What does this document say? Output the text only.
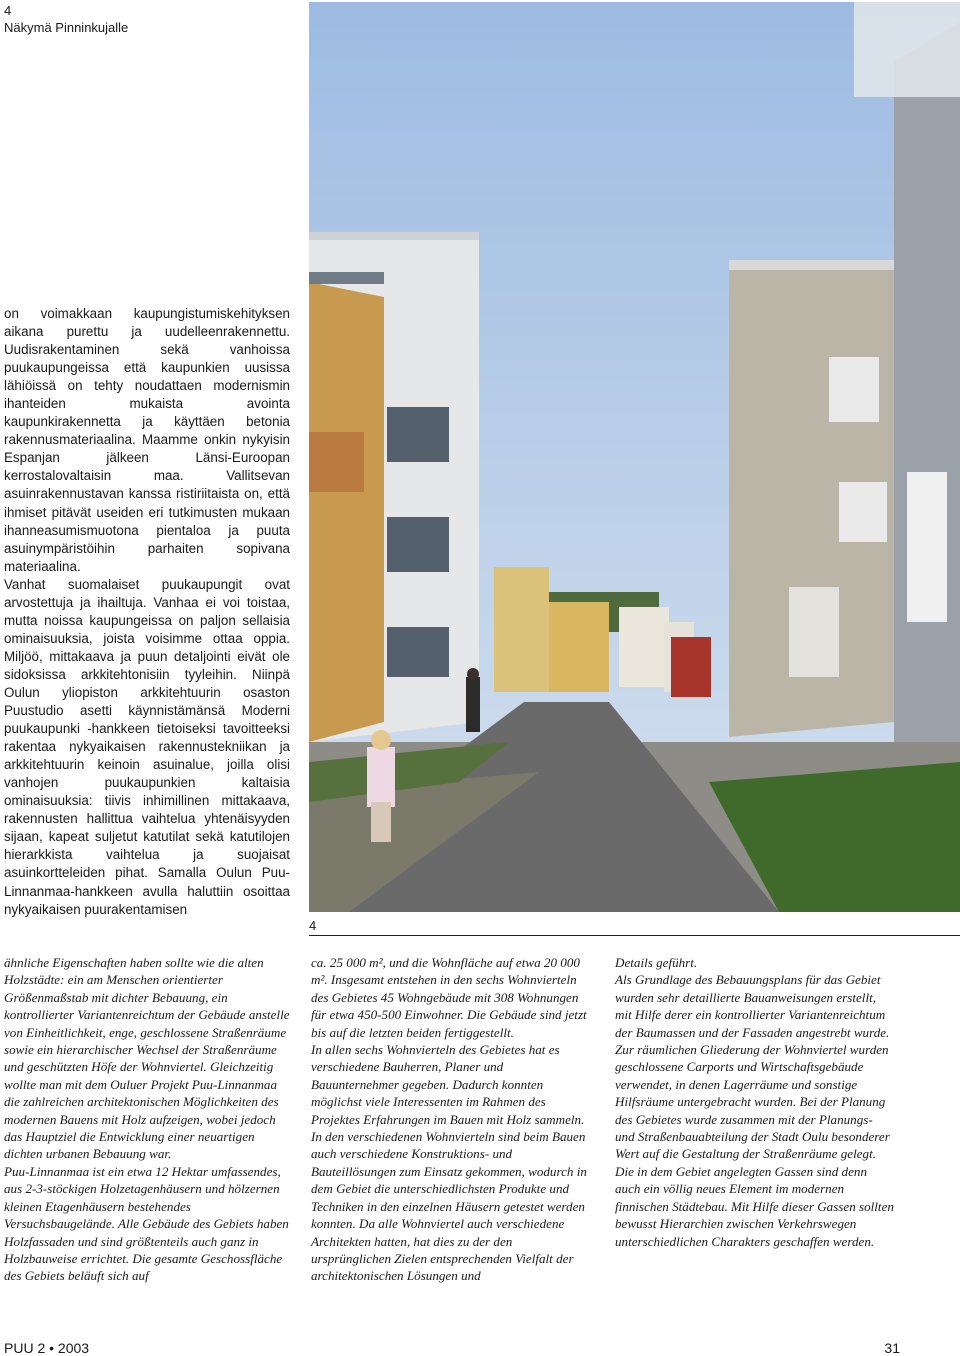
4
Näkymä Pinninkujalle

on voimakkaan kaupungistumiskehityksen aikana purettu ja uudelleenrakennettu. Uudisrakentaminen sekä vanhoissa puukaupungeissa että kaupunkien uusissa lähiöissä on tehty noudattaen modernismin ihanteiden mukaista avointa kaupunkirakennetta ja käyttäen betonia rakennusmateriaalina. Maamme onkin nykyisin Espanjan jälkeen Länsi-Euroopan kerrostalovaltaisin maa. Vallitsevan asuinrakennustavan kanssa ristiriitaista on, että ihmiset pitävät useiden eri tutkimusten mukaan ihanneasumismuotona pientaloa ja puuta asuinympäristöihin parhaiten sopivana materiaalina.

Vanhat suomalaiset puukaupungit ovat arvostettuja ja ihailtuja. Vanhaa ei voi toistaa, mutta noissa kaupungeissa on paljon sellaisia ominaisuuksia, joista voisimme ottaa oppia. Miljöö, mittakaava ja puun detaljointi eivät ole sidoksissa arkkitehtonisiin tyyleihin. Niinpä Oulun yliopiston arkkitehtuurin osaston Puustudio asetti käynnistämänsä Moderni puukaupunki -hankkeen tietoiseksi tavoitteeksi rakentaa nykyaikaisen rakennustekniikan ja arkkitehtuurin keinoin asuinalue, joilla olisi vanhojen puukaupunkien kaltaisia ominaisuuksia: tiivis inhimillinen mittakaava, rakennusten hallittua vaihtelua yhtenäisyyden sijaan, kapeat suljetut katutilat sekä katutilojen hierarkkista vaihtelua ja suojaisat asuinkortteleiden pihat. Samalla Oulun Puu-Linnanmaa-hankkeen avulla haluttiin osoittaa nykyaikaisen puurakentamisen

4

ähnliche Eigenschaften haben sollte wie die alten Holzstädte: ein am Menschen orientierter Größenmaßstab mit dichter Bebauung, ein kontrollierter Variantenreichtum der Gebäude anstelle von Einheitlichkeit, enge, geschlossene Straßenräume sowie ein hierarchischer Wechsel der Straßenräume und geschützten Höfe der Wohnviertel. Gleichzeitig wollte man mit dem Ouluer Projekt Puu-Linnanmaa die zahlreichen architektonischen Möglichkeiten des modernen Bauens mit Holz aufzeigen, wobei jedoch das Hauptziel die Entwicklung einer neuartigen dichten urbanen Bebauung war.

Puu-Linnanmaa ist ein etwa 12 Hektar umfassendes, aus 2-3-stöckigen Holzetagenhäusern und hölzernen kleinen Etagenhäusern bestehendes Versuchsbaugelände. Alle Gebäude des Gebiets haben Holzfassaden und sind größtenteils auch ganz in Holzbauweise errichtet. Die gesamte Geschossfläche des Gebiets beläuft sich auf

ca. 25 000 m², und die Wohnfläche auf etwa 20 000 m². Insgesamt entstehen in den sechs Wohnvierteln des Gebietes 45 Wohngebäude mit 308 Wohnungen für etwa 450-500 Einwohner. Die Gebäude sind jetzt bis auf die letzten beiden fertiggestellt.

In allen sechs Wohnvierteln des Gebietes hat es verschiedene Bauherren, Planer und Bauunternehmer gegeben. Dadurch konnten möglichst viele Interessenten im Rahmen des Projektes Erfahrungen im Bauen mit Holz sammeln. In den verschiedenen Wohnvierteln sind beim Bauen auch verschiedene Konstruktions- und Bauteillösungen zum Einsatz gekommen, wodurch in dem Gebiet die unterschiedlichsten Produkte und Techniken in den einzelnen Häusern getestet werden konnten. Da alle Wohnviertel auch verschiedene Architekten hatten, hat dies zu der den ursprünglichen Zielen entsprechenden Vielfalt der architektonischen Lösungen und

Details geführt.

Als Grundlage des Bebauungsplans für das Gebiet wurden sehr detaillierte Bauanweisungen erstellt, mit Hilfe derer ein kontrollierter Variantenreichtum der Baumassen und der Fassaden angestrebt wurde. Zur räumlichen Gliederung der Wohnviertel wurden geschlossene Carports und Wirtschaftsgebäude verwendet, in denen Lagerräume und sonstige Hilfsräume untergebracht wurden. Bei der Planung des Gebietes wurde zusammen mit der Planungs- und Straßenbauabteilung der Stadt Oulu besonderer Wert auf die Gestaltung der Straßenräume gelegt. Die in dem Gebiet angelegten Gassen sind denn auch ein völlig neues Element im modernen finnischen Städtebau. Mit Hilfe dieser Gassen sollten bewusst Hierarchien zwischen Verkehrswegen unterschiedlichen Charakters geschaffen werden.

PUU 2 • 2003	31
